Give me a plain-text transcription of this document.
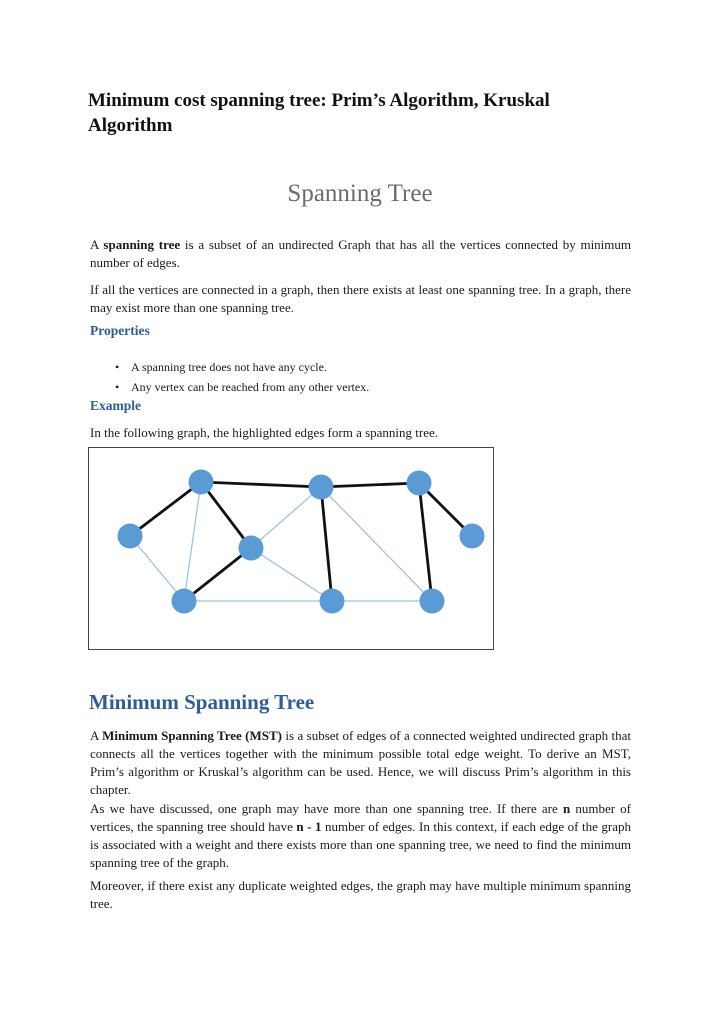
Minimum cost spanning tree: Prim’s Algorithm, Kruskal Algorithm
Spanning Tree

A spanning tree is a subset of an undirected Graph that has all the vertices connected by minimum number of edges.

If all the vertices are connected in a graph, then there exists at least one spanning tree. In a graph, there may exist more than one spanning tree.

Properties
• A spanning tree does not have any cycle.
• Any vertex can be reached from any other vertex.
Example

In the following graph, the highlighted edges form a spanning tree.

Minimum Spanning Tree

A Minimum Spanning Tree (MST) is a subset of edges of a connected weighted undirected graph that connects all the vertices together with the minimum possible total edge weight. To derive an MST, Prim’s algorithm or Kruskal’s algorithm can be used. Hence, we will discuss Prim’s algorithm in this chapter.

As we have discussed, one graph may have more than one spanning tree. If there are n number of vertices, the spanning tree should have n - 1 number of edges. In this context, if each edge of the graph is associated with a weight and there exists more than one spanning tree, we need to find the minimum spanning tree of the graph.

Moreover, if there exist any duplicate weighted edges, the graph may have multiple minimum spanning tree.
